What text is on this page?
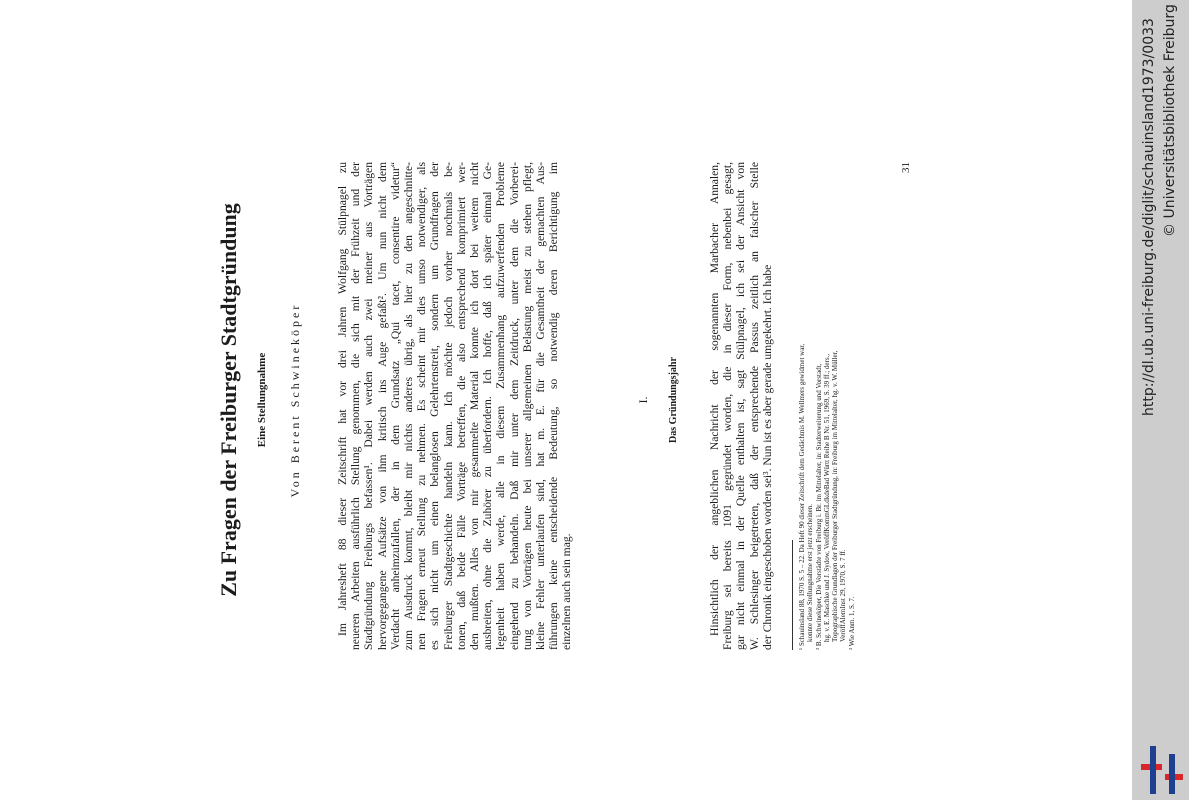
Zu Fragen der Freiburger Stadtgründung Eine Stellungnahme Von Berent Schwineköper	Im Jahresheft 88 dieser Zeitschrift hat vor drei Jahren Wolfgang Stülpnagel zu neueren Arbeiten ausführlich Stellung genommen, die sich mit der Frühzeit und der Stadtgründung Freiburgs befassen¹. Dabei werden auch zwei meiner aus Vorträgen hervorgegangene Aufsätze von ihm kritisch ins Auge gefaßt². Um nun nicht dem Verdacht anheimzufallen, der in dem Grundsatz „Qui tacet, consentire videtur“ zum Ausdruck kommt, bleibt mir nichts anderes übrig, als hier zu den angeschnitte- nen Fragen erneut Stellung zu nehmen. Es scheint mir dies umso notwendiger, als es sich nicht um einen belanglosen Gelehrtenstreit, sondern um Grundfragen der Freiburger Stadtgeschichte handeln kann. Ich möchte jedoch vorher nochmals be- tonen, daß beide Fälle Vorträge betreffen, die also entsprechend komprimiert wer- den mußten. Alles von mir gesammelte Material konnte ich dort bei weitem nicht ausbreiten, ohne die Zuhörer zu überfordern. Ich hoffe, daß ich später einmal Ge- legenheit haben werde, alle in diesem Zusammenhang aufzuwerfenden Probleme eingehend zu behandeln. Daß mir unter dem Zeitdruck, unter dem die Vorberei- tung von Vorträgen heute bei unserer allgemeinen Belastung meist zu stehen pflegt, kleine Fehler unterlaufen sind, hat m. E. für die Gesamtheit der gemachten Aus- führungen keine entscheidende Bedeutung, so notwendig deren Berichtigung im einzelnen auch sein mag.
I. Das Gründungsjahr	Hinsichtlich der angeblichen Nachricht der sogenannten Marbacher Annalen, Freiburg sei bereits 1091 gegründet worden, die in dieser Form, nebenbei gesagt, gar nicht einmal in der Quelle enthalten ist, sagt Stülpnagel, ich sei der Ansicht von W. Schlesinger beigetreten, daß der entsprechende Passus zeitlich an falscher Stelle der Chronik eingeschoben worden sei³. Nun ist es aber gerade umgekehrt. Ich habe	¹ Schauinsland 88, 1970 S. 5 – 22. Da Heft 90 dieser Zeitschrift dem Gedächtnis M. Wellmers gewidmet war, konnte diese Stellungnahme erst jetzt erscheinen. ² B. Schwineköper, Die Vorstädte von Freiburg i. Br. im Mittelalter, in: Stadterweiterung und Vorstadt, hg. v. E. Maschke und J. Sydow, VeröffKommGLdkdeBad Württ Reihe B Nr. 51, 1969, S. 39 ff.; ders., Topographische Grundlagen der Freiburger Stadtgründung, in: Freiburg im Mittelalter, hg. v. W. Müller, VeröffAlemInst 29, 1970, S. 7 ff. ³ Wie Anm. 1, S. 7.
31	http://dl.ub.uni-freiburg.de/diglit/schauinsland1973/0033 © Universitätsbibliothek Freiburg
